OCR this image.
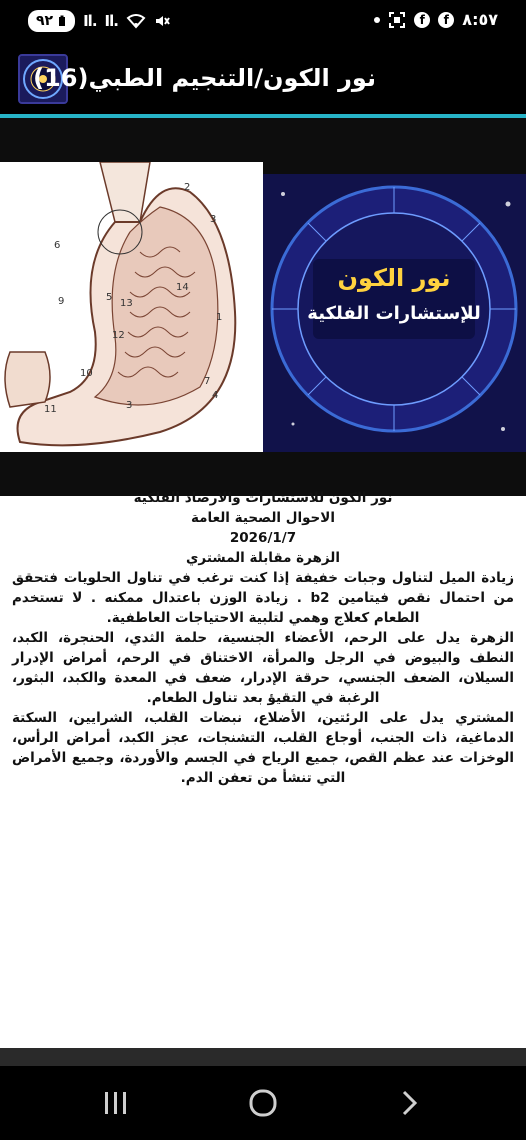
٩٢ Il. Il.	f	f ٨:٥٧
نور الكون/التنجيم الطبي(16)
2
3
6
9	5
13
14
12
1
10
11	3
4
7
نور الكون
للإستشارات الفلكية
نور الكون للاستشارات والارصاد الفلكية
الاحوال الصحية العامة
2026/1/7
الزهرة مقابلة المشتري

زيادة الميل لتناول وجبات خفيفة إذا كنت ترغب في تناول الحلويات فتحقق من احتمال نقص فيتامين b2 . زيادة الوزن باعتدال ممكنه . لا تستخدم الطعام كعلاج وهمي لتلبية الاحتياجات العاطفية.

الزهرة يدل على الرحم، الأعضاء الجنسية، حلمة الثدي، الحنجرة، الكبد، النطف والبيوض في الرجل والمرأة، الاختناق في الرحم، أمراض الإدرار السيلان، الضعف الجنسي، حرقة الإدرار، ضعف في المعدة والكبد، البثور، الرغبة في التقيؤ بعد تناول الطعام.

المشتري يدل على الرئتين، الأضلاع، نبضات القلب، الشرايين، السكتة الدماغية، ذات الجنب، أوجاع القلب، التشنجات، عجز الكبد، أمراض الرأس، الوخزات عند عظم القص، جميع الرياح في الجسم والأوردة، وجميع الأمراض التي تنشأ من تعفن الدم.
